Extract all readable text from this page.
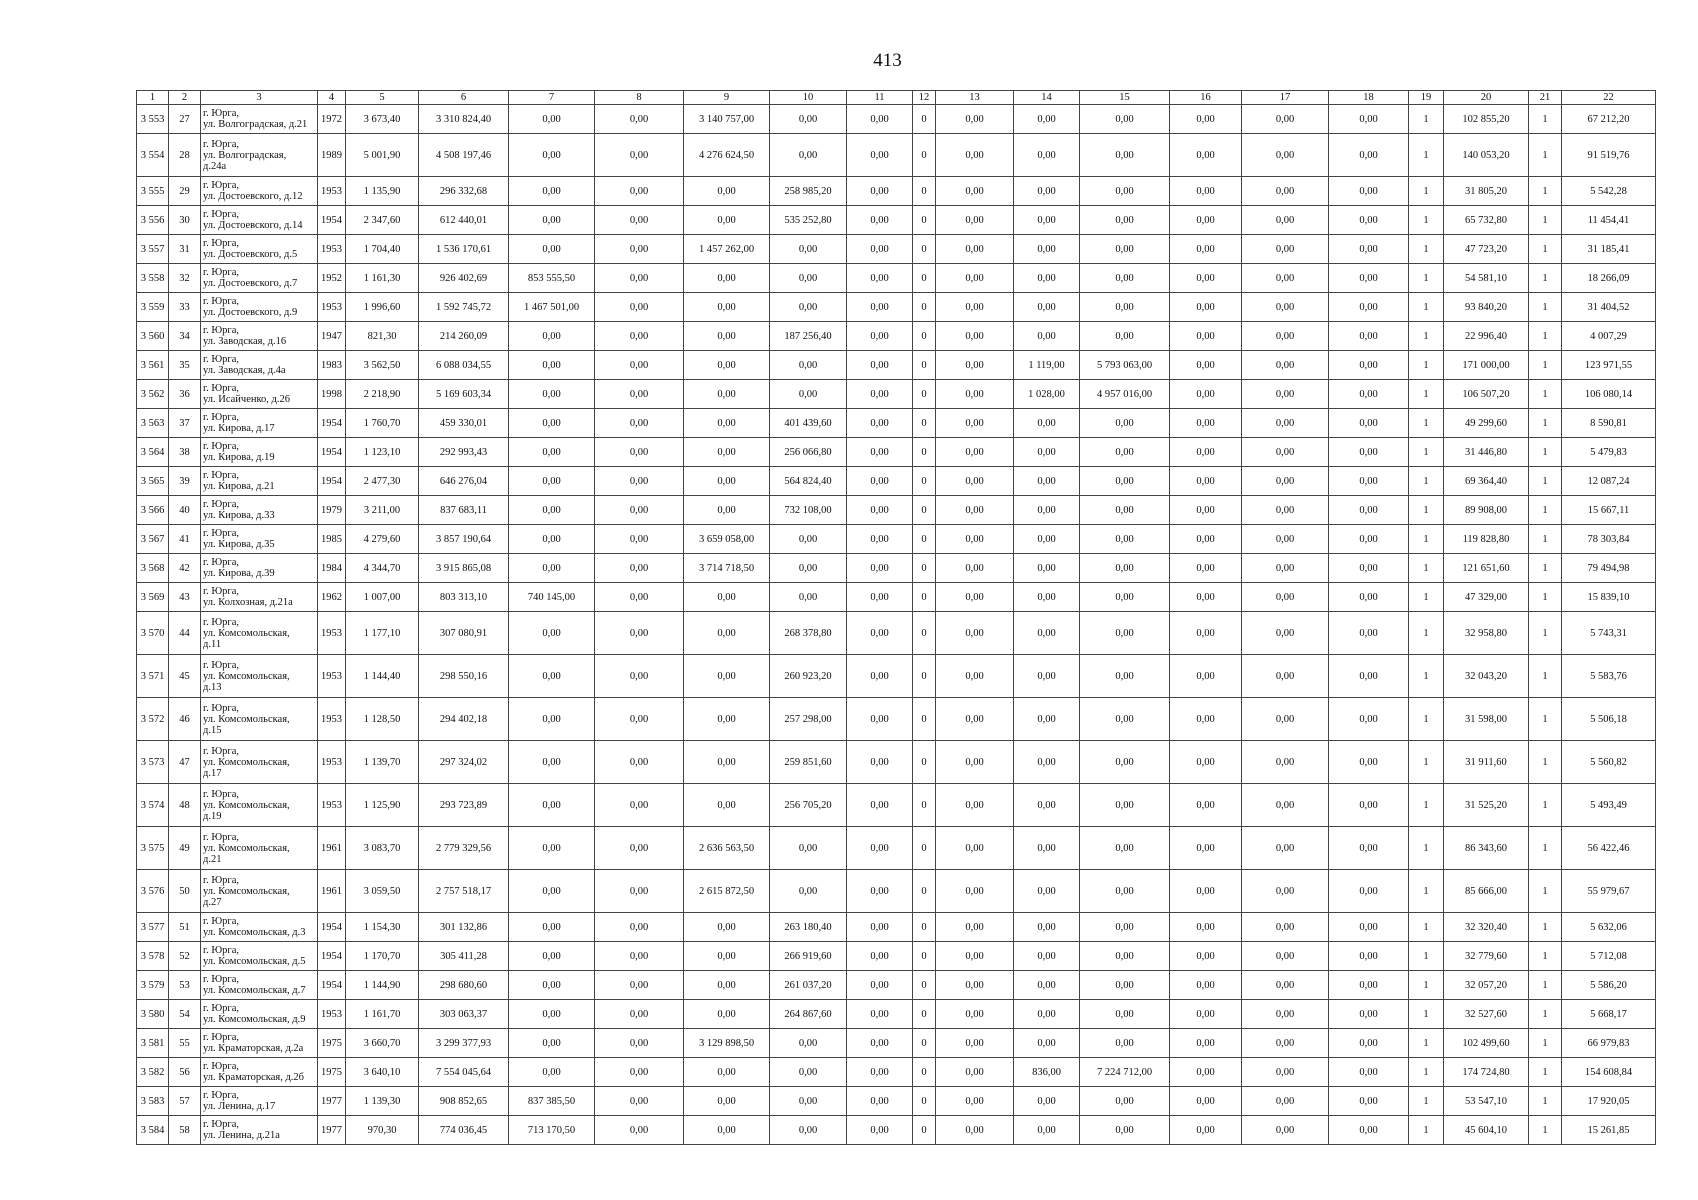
413
1	2	3	4	5	6	7	8	9	10	11	12	13	14	15	16	17	18	19	20	21	22
3 553	27	г. Юрга,
ул. Волгоградская, д.21	1972	3 673,40	3 310 824,40	0,00	0,00	3 140 757,00	0,00	0,00	0	0,00	0,00	0,00	0,00	0,00	0,00	1	102 855,20	1	67 212,20
3 554	28	г. Юрга,
ул. Волгоградская,
д.24а	1989	5 001,90	4 508 197,46	0,00	0,00	4 276 624,50	0,00	0,00	0	0,00	0,00	0,00	0,00	0,00	0,00	1	140 053,20	1	91 519,76
3 555	29	г. Юрга,
ул. Достоевского, д.12	1953	1 135,90	296 332,68	0,00	0,00	0,00	258 985,20	0,00	0	0,00	0,00	0,00	0,00	0,00	0,00	1	31 805,20	1	5 542,28
3 556	30	г. Юрга,
ул. Достоевского, д.14	1954	2 347,60	612 440,01	0,00	0,00	0,00	535 252,80	0,00	0	0,00	0,00	0,00	0,00	0,00	0,00	1	65 732,80	1	11 454,41
3 557	31	г. Юрга,
ул. Достоевского, д.5	1953	1 704,40	1 536 170,61	0,00	0,00	1 457 262,00	0,00	0,00	0	0,00	0,00	0,00	0,00	0,00	0,00	1	47 723,20	1	31 185,41
3 558	32	г. Юрга,
ул. Достоевского, д.7	1952	1 161,30	926 402,69	853 555,50	0,00	0,00	0,00	0,00	0	0,00	0,00	0,00	0,00	0,00	0,00	1	54 581,10	1	18 266,09
3 559	33	г. Юрга,
ул. Достоевского, д.9	1953	1 996,60	1 592 745,72	1 467 501,00	0,00	0,00	0,00	0,00	0	0,00	0,00	0,00	0,00	0,00	0,00	1	93 840,20	1	31 404,52
3 560	34	г. Юрга,
ул. Заводская, д.16	1947	821,30	214 260,09	0,00	0,00	0,00	187 256,40	0,00	0	0,00	0,00	0,00	0,00	0,00	0,00	1	22 996,40	1	4 007,29
3 561	35	г. Юрга,
ул. Заводская, д.4а	1983	3 562,50	6 088 034,55	0,00	0,00	0,00	0,00	0,00	0	0,00	1 119,00	5 793 063,00	0,00	0,00	0,00	1	171 000,00	1	123 971,55
3 562	36	г. Юрга,
ул. Исайченко, д.26	1998	2 218,90	5 169 603,34	0,00	0,00	0,00	0,00	0,00	0	0,00	1 028,00	4 957 016,00	0,00	0,00	0,00	1	106 507,20	1	106 080,14
3 563	37	г. Юрга,
ул. Кирова, д.17	1954	1 760,70	459 330,01	0,00	0,00	0,00	401 439,60	0,00	0	0,00	0,00	0,00	0,00	0,00	0,00	1	49 299,60	1	8 590,81
3 564	38	г. Юрга,
ул. Кирова, д.19	1954	1 123,10	292 993,43	0,00	0,00	0,00	256 066,80	0,00	0	0,00	0,00	0,00	0,00	0,00	0,00	1	31 446,80	1	5 479,83
3 565	39	г. Юрга,
ул. Кирова, д.21	1954	2 477,30	646 276,04	0,00	0,00	0,00	564 824,40	0,00	0	0,00	0,00	0,00	0,00	0,00	0,00	1	69 364,40	1	12 087,24
3 566	40	г. Юрга,
ул. Кирова, д.33	1979	3 211,00	837 683,11	0,00	0,00	0,00	732 108,00	0,00	0	0,00	0,00	0,00	0,00	0,00	0,00	1	89 908,00	1	15 667,11
3 567	41	г. Юрга,
ул. Кирова, д.35	1985	4 279,60	3 857 190,64	0,00	0,00	3 659 058,00	0,00	0,00	0	0,00	0,00	0,00	0,00	0,00	0,00	1	119 828,80	1	78 303,84
3 568	42	г. Юрга,
ул. Кирова, д.39	1984	4 344,70	3 915 865,08	0,00	0,00	3 714 718,50	0,00	0,00	0	0,00	0,00	0,00	0,00	0,00	0,00	1	121 651,60	1	79 494,98
3 569	43	г. Юрга,
ул. Колхозная, д.21а	1962	1 007,00	803 313,10	740 145,00	0,00	0,00	0,00	0,00	0	0,00	0,00	0,00	0,00	0,00	0,00	1	47 329,00	1	15 839,10
3 570	44	г. Юрга,
ул. Комсомольская,
д.11	1953	1 177,10	307 080,91	0,00	0,00	0,00	268 378,80	0,00	0	0,00	0,00	0,00	0,00	0,00	0,00	1	32 958,80	1	5 743,31
3 571	45	г. Юрга,
ул. Комсомольская,
д.13	1953	1 144,40	298 550,16	0,00	0,00	0,00	260 923,20	0,00	0	0,00	0,00	0,00	0,00	0,00	0,00	1	32 043,20	1	5 583,76
3 572	46	г. Юрга,
ул. Комсомольская,
д.15	1953	1 128,50	294 402,18	0,00	0,00	0,00	257 298,00	0,00	0	0,00	0,00	0,00	0,00	0,00	0,00	1	31 598,00	1	5 506,18
3 573	47	г. Юрга,
ул. Комсомольская,
д.17	1953	1 139,70	297 324,02	0,00	0,00	0,00	259 851,60	0,00	0	0,00	0,00	0,00	0,00	0,00	0,00	1	31 911,60	1	5 560,82
3 574	48	г. Юрга,
ул. Комсомольская,
д.19	1953	1 125,90	293 723,89	0,00	0,00	0,00	256 705,20	0,00	0	0,00	0,00	0,00	0,00	0,00	0,00	1	31 525,20	1	5 493,49
3 575	49	г. Юрга,
ул. Комсомольская,
д.21	1961	3 083,70	2 779 329,56	0,00	0,00	2 636 563,50	0,00	0,00	0	0,00	0,00	0,00	0,00	0,00	0,00	1	86 343,60	1	56 422,46
3 576	50	г. Юрга,
ул. Комсомольская,
д.27	1961	3 059,50	2 757 518,17	0,00	0,00	2 615 872,50	0,00	0,00	0	0,00	0,00	0,00	0,00	0,00	0,00	1	85 666,00	1	55 979,67
3 577	51	г. Юрга,
ул. Комсомольская, д.3	1954	1 154,30	301 132,86	0,00	0,00	0,00	263 180,40	0,00	0	0,00	0,00	0,00	0,00	0,00	0,00	1	32 320,40	1	5 632,06
3 578	52	г. Юрга,
ул. Комсомольская, д.5	1954	1 170,70	305 411,28	0,00	0,00	0,00	266 919,60	0,00	0	0,00	0,00	0,00	0,00	0,00	0,00	1	32 779,60	1	5 712,08
3 579	53	г. Юрга,
ул. Комсомольская, д.7	1954	1 144,90	298 680,60	0,00	0,00	0,00	261 037,20	0,00	0	0,00	0,00	0,00	0,00	0,00	0,00	1	32 057,20	1	5 586,20
3 580	54	г. Юрга,
ул. Комсомольская, д.9	1953	1 161,70	303 063,37	0,00	0,00	0,00	264 867,60	0,00	0	0,00	0,00	0,00	0,00	0,00	0,00	1	32 527,60	1	5 668,17
3 581	55	г. Юрга,
ул. Краматорская, д.2а	1975	3 660,70	3 299 377,93	0,00	0,00	3 129 898,50	0,00	0,00	0	0,00	0,00	0,00	0,00	0,00	0,00	1	102 499,60	1	66 979,83
3 582	56	г. Юрга,
ул. Краматорская, д.2б	1975	3 640,10	7 554 045,64	0,00	0,00	0,00	0,00	0,00	0	0,00	836,00	7 224 712,00	0,00	0,00	0,00	1	174 724,80	1	154 608,84
3 583	57	г. Юрга,
ул. Ленина, д.17	1977	1 139,30	908 852,65	837 385,50	0,00	0,00	0,00	0,00	0	0,00	0,00	0,00	0,00	0,00	0,00	1	53 547,10	1	17 920,05
3 584	58	г. Юрга,
ул. Ленина, д.21а	1977	970,30	774 036,45	713 170,50	0,00	0,00	0,00	0,00	0	0,00	0,00	0,00	0,00	0,00	0,00	1	45 604,10	1	15 261,85
